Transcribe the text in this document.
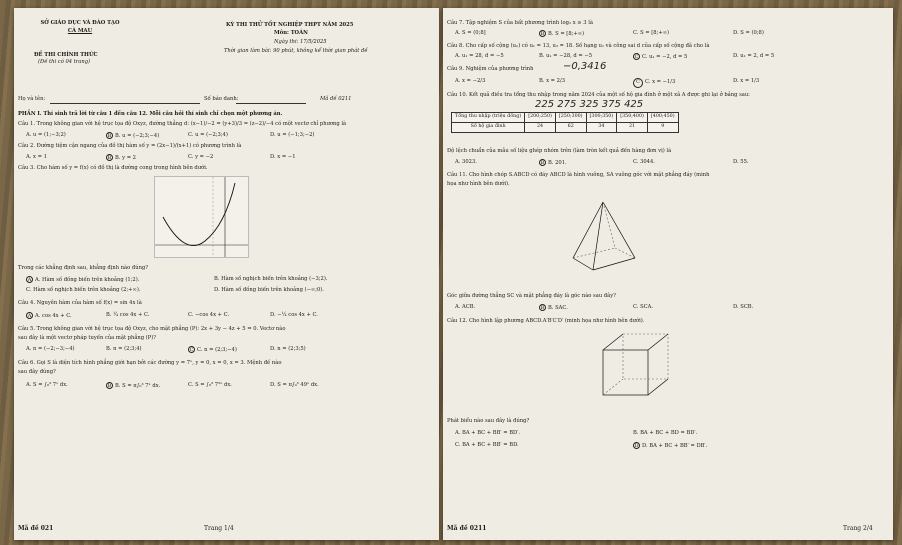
SỞ GIÁO DỤC VÀ ĐÀO TẠO
CÀ MAU
ĐỀ THI CHÍNH THỨC
(Đề thi có 04 trang)
KỲ THI THỬ TỐT NGHIỆP THPT NĂM 2025
Môn: TOÁN
Ngày thi: 17/5/2025
Thời gian làm bài: 90 phút, không kể thời gian phát đề
Họ và tên:	Số báo danh:	Mã đề 0211
PHẦN I. Thí sinh trả lời từ câu 1 đến câu 12. Mỗi câu hỏi thí sinh chỉ chọn một phương án.
Câu 1. Trong không gian với hệ trục tọa độ Oxyz, đường thẳng d: (x−1)/−2 = (y+3)/3 = (z−2)/−4 có một vectơ chỉ phương là
A. u = (1;−3;2)	B B. u = (−2;3;−4)	C. u = (−2;3;4)	D. u = (−1;3;−2)
Câu 2. Đường tiệm cận ngang của đồ thị hàm số y = (2x−1)/(x+1) có phương trình là
A. x = 1	B B. y = 2	C. y = −2	D. x = −1
Câu 3. Cho hàm số y = f(x) có đồ thị là đường cong trong hình bên dưới.
Trong các khẳng định sau, khẳng định nào đúng?
A A. Hàm số đồng biến trên khoảng (1;2).	B. Hàm số nghịch biến trên khoảng (−3;2).
C. Hàm số nghịch biến trên khoảng (2;+∞).	D. Hàm số đồng biến trên khoảng (−∞;0).
Câu 4. Nguyên hàm của hàm số f(x) = sin 4x là
A A. cos 4x + C.	B. ¼ cos 4x + C.	C. −cos 4x + C.	D. −¼ cos 4x + C.
Câu 5. Trong không gian với hệ trục tọa độ Oxyz, cho mặt phẳng (P): 2x + 3y − 4z + 5 = 0. Vectơ nào
sau đây là một vectơ pháp tuyến của mặt phẳng (P)?
A. n = (−2;−3;−4)	B. n = (2;3;4)	C C. n = (2;3;−4)	D. n = (2;3;5)
Câu 6. Gọi S là diện tích hình phẳng giới hạn bởi các đường y = 7ˣ, y = 0, x = 0, x = 3. Mệnh đề nào
sau đây đúng?
A. S = ∫₀³ 7ˣ dx.	B B. S = π∫₀³ 7ˣ dx.	C. S = ∫₀³ 7²ˣ dx.	D. S = π∫₀³ 49ˣ dx.
Mã đề 021	Trang 1/4
Câu 7. Tập nghiệm S của bất phương trình log₂ x ≥ 3 là
A. S = (0;8]	B B. S = [8;+∞)	C. S = [8;+∞)	D. S = (0;8)
Câu 8. Cho cấp số cộng (uₙ) có u₁ = 13, u₃ = 18. Số hạng u₁ và công sai d của cấp số cộng đã cho là
A. u₁ = 28, d = −5	B. u₁ = −28, d = −5	C C. u₁ = −2, d = 5	D. u₁ = 2, d = 5
Câu 9. Nghiệm của phương trình	−0,3416
A. x = −2/3	B. x = 2/3	C C. x = −1/3	D. x = 1/3
Câu 10. Kết quả điều tra tổng thu nhập trong năm 2024 của một số hộ gia đình ở một xã A được ghi lại ở bảng sau:
225 275 325 375 425
Tổng thu nhập (triệu đồng)	[200;250)	[250;300)	[300;350)	[350;400)	[400;450)
Số hộ gia đình	24	62	34	21	9
Độ lệch chuẩn của mẫu số liệu ghép nhóm trên (làm tròn kết quả đến hàng đơn vị) là
A. 3023.	B B. 201.	C. 3044.	D. 55.
Câu 11. Cho hình chóp S.ABCD có đáy ABCD là hình vuông, SA vuông góc với mặt phẳng đáy (minh
họa như hình bên dưới).
Góc giữa đường thẳng SC và mặt phẳng đáy là góc nào sau đây?
A. ACB.	B B. SAC.	C. SCA.	D. SCB.
Câu 12. Cho hình lập phương ABCD.A′B′C′D′ (minh họa như hình bên dưới).
Phát biểu nào sau đây là đúng?
A. BA + BC + BB′ = BD′.	B. BA + BC + BD = BD′.
C. BA + BC + BB′ = BD.	D D. BA + BC + BB′ = DB′.
Mã đề 0211	Trang 2/4
